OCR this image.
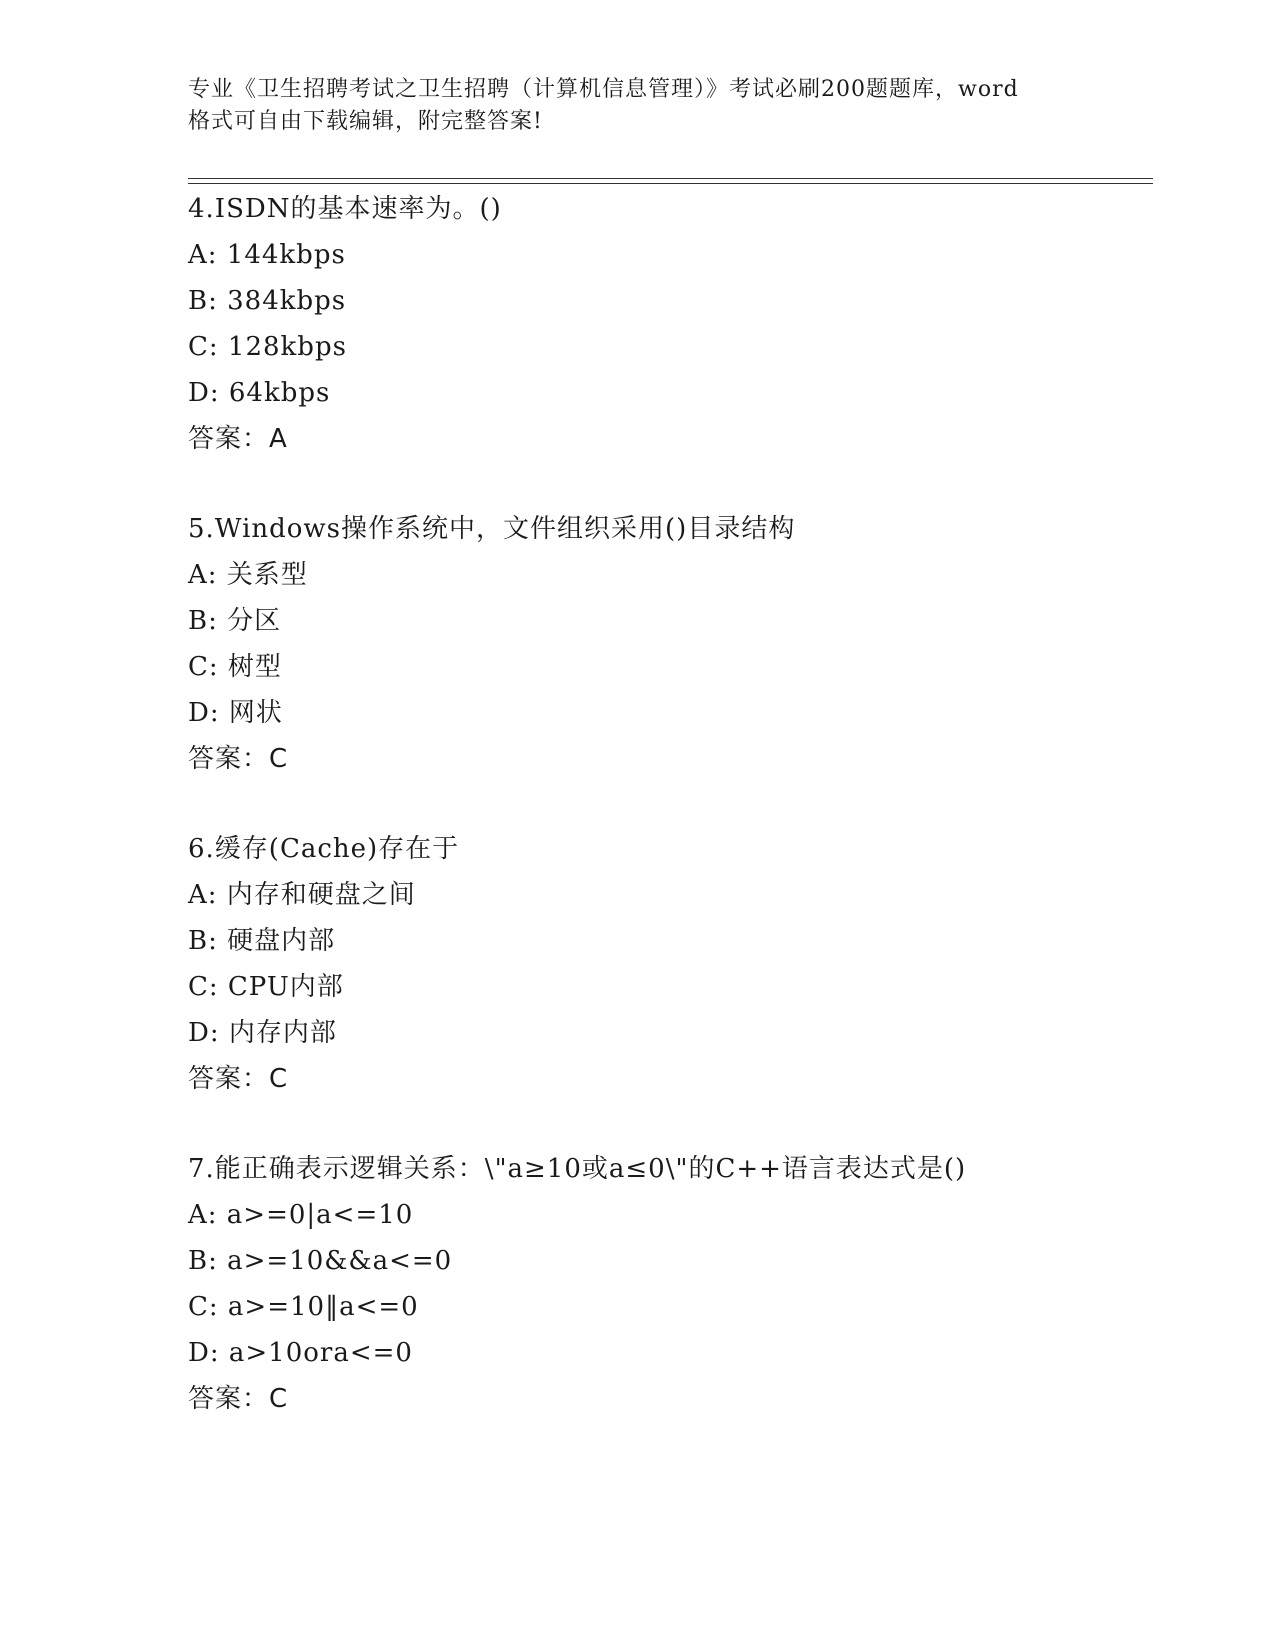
专业《卫生招聘考试之卫生招聘（计算机信息管理）》考试必刷200题题库，word
格式可自由下载编辑，附完整答案!
4.ISDN的基本速率为。()
A: 144kbps
B: 384kbps
C: 128kbps
D: 64kbps
答案：A
5.Windows操作系统中，文件组织采用()目录结构
A: 关系型
B: 分区
C: 树型
D: 网状
答案：C
6.缓存(Cache)存在于
A: 内存和硬盘之间
B: 硬盘内部
C: CPU内部
D: 内存内部
答案：C
7.能正确表示逻辑关系：\"a≥10或a≤0\"的C++语言表达式是()
A: a>=0|a<=10
B: a>=10&&a<=0
C: a>=10‖a<=0
D: a>10ora<=0
答案：C
